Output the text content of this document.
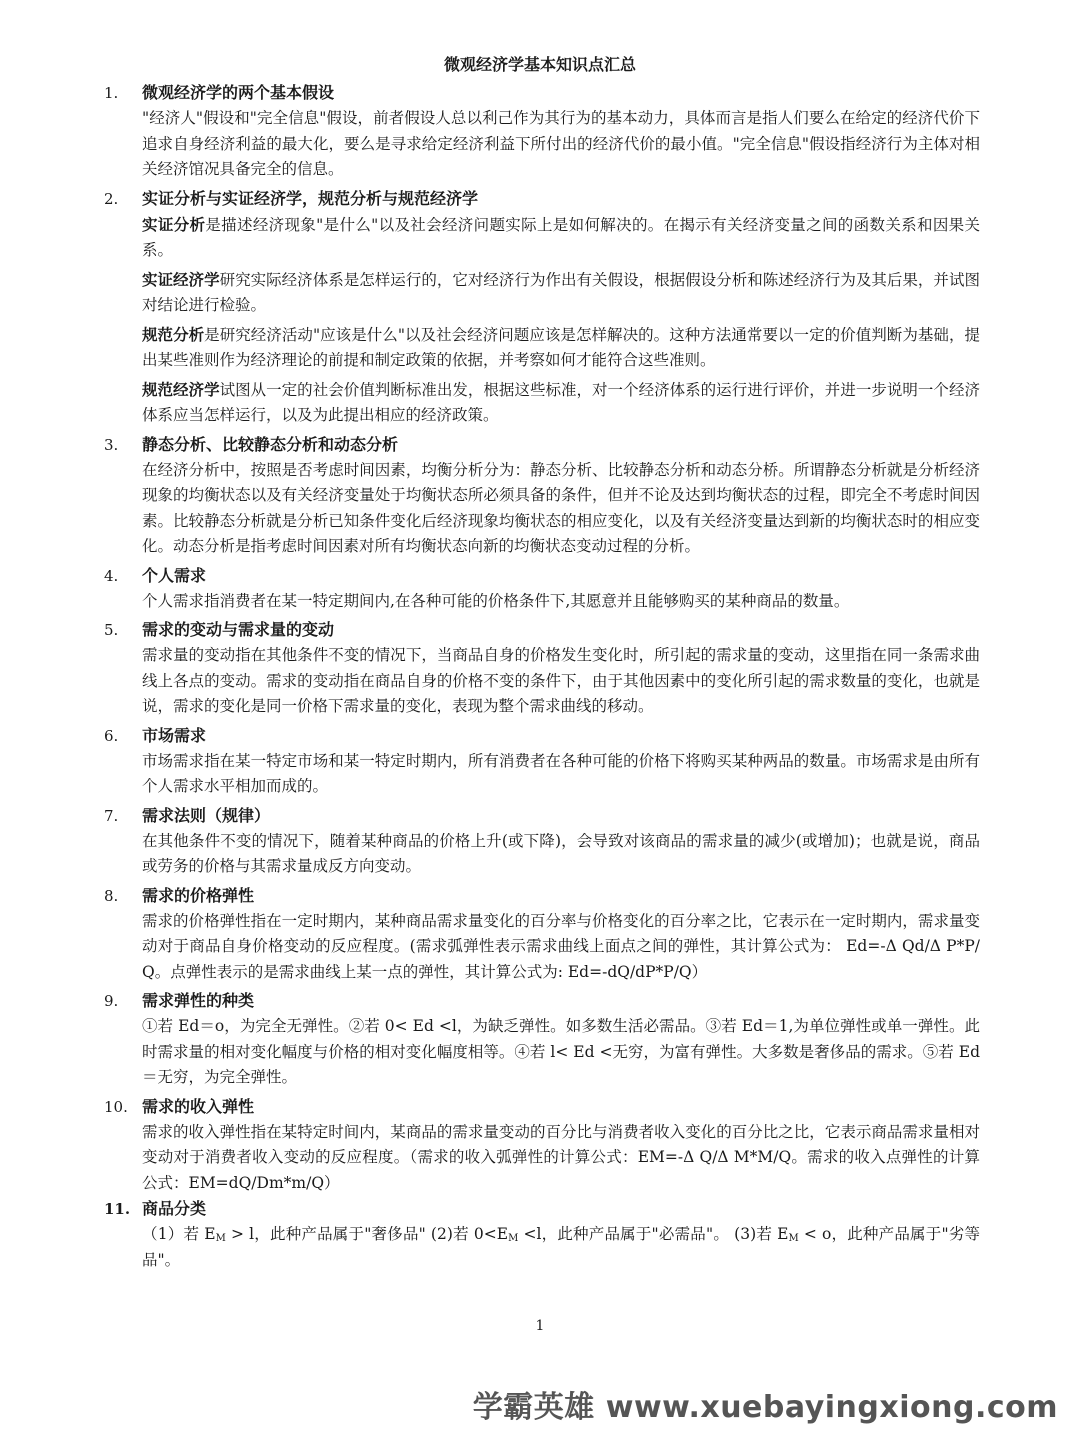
微观经济学基本知识点汇总
1.	微观经济学的两个基本假设
"经济人"假设和"完全信息"假设，前者假设人总以利己作为其行为的基本动力，具体而言是指人们要么在给定的经济代价下追求自身经济利益的最大化，要么是寻求给定经济利益下所付出的经济代价的最小值。"完全信息"假设指经济行为主体对相关经济馆况具备完全的信息。
2.	实证分析与实证经济学，规范分析与规范经济学
实证分析是描述经济现象"是什么"以及社会经济问题实际上是如何解决的。在揭示有关经济变量之间的函数关系和因果关系。
实证经济学研究实际经济体系是怎样运行的，它对经济行为作出有关假设，根据假设分析和陈述经济行为及其后果，并试图对结论进行检验。
规范分析是研究经济活动"应该是什么"以及社会经济问题应该是怎样解决的。这种方法通常要以一定的价值判断为基础，提出某些准则作为经济理论的前提和制定政策的依据，并考察如何才能符合这些准则。
规范经济学试图从一定的社会价值判断标准出发，根据这些标准，对一个经济体系的运行进行评价，并进一步说明一个经济体系应当怎样运行，以及为此提出相应的经济政策。
3.	静态分析、比较静态分析和动态分析
在经济分析中，按照是否考虑时间因素，均衡分析分为：静态分析、比较静态分析和动态分桥。所谓静态分析就是分析经济现象的均衡状态以及有关经济变量处于均衡状态所必须具备的条件，但并不论及达到均衡状态的过程，即完全不考虑时间因素。比较静态分析就是分析已知条件变化后经济现象均衡状态的相应变化，以及有关经济变量达到新的均衡状态时的相应变化。动态分析是指考虑时间因素对所有均衡状态向新的均衡状态变动过程的分析。
4.	个人需求
个人需求指消费者在某一特定期间内,在各种可能的价格条件下,其愿意并且能够购买的某种商品的数量。
5.	需求的变动与需求量的变动
需求量的变动指在其他条件不变的情况下，当商品自身的价格发生变化时，所引起的需求量的变动，这里指在同一条需求曲线上各点的变动。需求的变动指在商品自身的价格不变的条件下，由于其他因素中的变化所引起的需求数量的变化，也就是说，需求的变化是同一价格下需求量的变化，表现为整个需求曲线的移动。
6.	市场需求
市场需求指在某一特定市场和某一特定时期内，所有消费者在各种可能的价格下将购买某种两品的数量。市场需求是由所有个人需求水平相加而成的。
7.	需求法则（规律）
在其他条件不变的情况下，随着某种商品的价格上升(或下降)，会导致对该商品的需求量的减少(或增加)；也就是说，商品或劳务的价格与其需求量成反方向变动。
8.	需求的价格弹性
需求的价格弹性指在一定时期内，某种商品需求量变化的百分率与价格变化的百分率之比，它表示在一定时期内，需求量变动对于商品自身价格变动的反应程度。(需求弧弹性表示需求曲线上面点之间的弹性，其计算公式为： Ed=-Δ Qd/Δ P*P/Q。点弹性表示的是需求曲线上某一点的弹性，其计算公式为: Ed=-dQ/dP*P/Q）
9.	需求弹性的种类
①若 Ed＝o，为完全无弹性。②若 0< Ed <l，为缺乏弹性。如多数生活必需品。③若 Ed＝1,为单位弹性或单一弹性。此时需求量的相对变化幅度与价格的相对变化幅度相等。④若 l< Ed <无穷，为富有弹性。大多数是奢侈品的需求。⑤若 Ed ＝无穷，为完全弹性。
10. 需求的收入弹性
需求的收入弹性指在某特定时间内，某商品的需求量变动的百分比与消费者收入变化的百分比之比，它表示商品需求量相对变动对于消费者收入变动的反应程度。（需求的收入弧弹性的计算公式：EM=-Δ Q/Δ M*M/Q。需求的收入点弹性的计算公式：EM=dQ/Dm*m/Q）
11. 商品分类
（1）若 $E_M > l$，此种产品属于"奢侈品" (2)若 $0<E_M <l$，此种产品属于"必需品"。 (3)若 $E_M < o$，此种产品属于"劣等品"。
1
学霸英雄 www.xuebayingxiong.com
